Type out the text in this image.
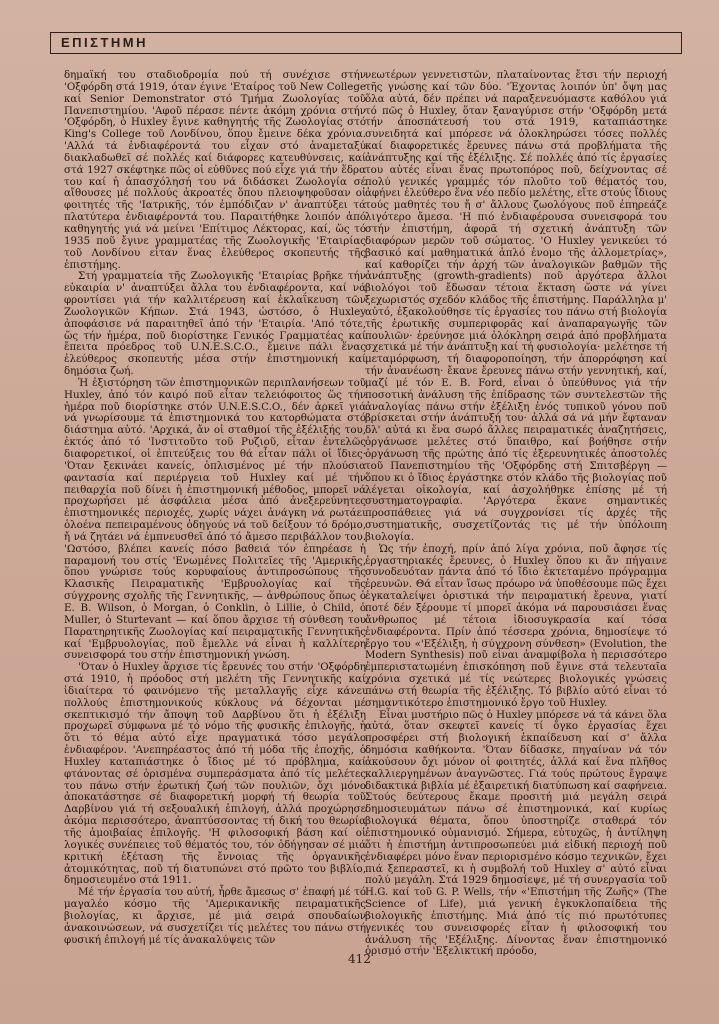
ΕΠΙΣΤΗΜΗ

δημαϊκή του σταδιοδρομία πού τή συνέχισε στήν 'Οξφόρδη στά 1919, όταν έγινε 'Εταίρος τοῦ New College καί Senior Demonstrator στό Τμήμα Ζωολογίας τοῦ Πανεπιστημίου. 'Αφοῦ πέρασε πέντε ἀκόμη χρόνια στήν 'Οξφόρδη, ὁ Huxley ἔγινε καθηγητής τῆς Ζωολογίας στό King's College τοῦ Λονδίνου, ὅπου ἔμεινε δέκα χρόνια. 'Αλλά τά ἐνδιαφέροντά του εἶχαν στό ἀναμεταξύ διακλαδωθεῖ σέ πολλές καί διάφορες κατευθύνσεις, καί στά 1927 σκέφτηκε πῶς οἱ εὐθῦνες πού εἶχε γιά τήν ἕδρα του καί ἡ ἀπασχόλησή του νά διδάσκει Ζωολογία σέ αἴθουσες μέ πολλούς ἀκροατές ὅπου πλειοψηφοῦσαν οἱ φοιτητές τῆς 'Ιατρικῆς, τόν ἐμπόδιζαν ν' ἀναπτύξει τά πλατύτερα ἐνδιαφέροντά του. Παραιτήθηκε λοιπόν ἀπό καθηγητής γιά νά μείνει 'Επίτιμος Λέκτορας, καί, ὥς τό 1935 ποῦ ἔγινε γραμματέας τῆς Ζωολογικῆς 'Εταιρίας τοῦ Λονδίνου εἶταν ἕνας ἐλεύθερος σκοπευτής τῆς ἐπιστήμης.

Στή γραμματεία τῆς Ζωολογικῆς 'Εταιρίας βρῆκε τήν εὐκαιρία ν' ἀναπτύξει ἄλλα του ἐνδιαφέροντα, καί νά φροντίσει γιά τήν καλλιτέρευση καί ἐκλαΐκευση τῶν Ζωολογικῶν Κήπων. Στά 1943, ὡστόσο, ὁ Huxley ἀποφάσισε νά παραιτηθεῖ ἀπό τήν 'Εταιρία. 'Από τότε, ὥς τήν ἡμέρα, ποῦ διορίστηκε Γενικός Γραμματέας καί ἔπειτα πρόεδρος τοῦ U.N.E.S.C.O., ἔμεινε πάλι ἕνας ἐλεύθερος σκοπευτής μέσα στήν ἐπιστημονική καί δημόσια ζωή.

Ἡ ἐξιστόρηση τῶν ἐπιστημονικῶν περιπλανήσεων τοῦ Huxley, ἀπό τόν καιρό ποῦ εἶταν τελειόφοιτος ὥς τήν ἡμέρα ποῦ διορίστηκε στόν U.N.E.S.C.O., δέν ἀρκεῖ γιά νά γνωρίσουμε τά ἐπιστημονικά του κατορθώματα στό διάστημα αὐτό. 'Αρχικά, ἄν οἱ σταθμοί τῆς ἐξέλιξής του, ἐκτός ἀπό τό 'Ινστιτοῦτο τοῦ Ρυζιοῦ, εἶταν ἐντελῶς διαφορετικοί, οἱ ἐπιτεύξεις του θά εἶταν πάλι οἱ ἴδιες· 'Όταν ξεκινάει κανείς, ὁπλισμένος μέ τήν πλούσια φαντασία καί περιέργεια τοῦ Huxley καί μέ τήν πειθαρχία ποῦ δίνει ἡ ἐπιστημονική μέθοδος, μπορεῖ νά προχωρήσει μέ ἀσφάλεια μέσα ἀπό ἀνεξερεύνητες ἐπιστημονικές περιοχές, χωρίς νάχει ἀνάγκη νά ρωτάει ὁλοένα πεπειραμένους ὁδηγούς νά τοῦ δείξουν τό δρόμο, ἤ νά ζητάει νά ἐμπνευσθεῖ ἀπό τό ἄμεσο περιβάλλον του. 'Ωστόσο, βλέπει κανείς πόσο βαθειά τόν ἐπηρέασε ἡ παραμονή του στίς 'Ενωμένες Πολιτεῖες τῆς 'Αμερικῆς, ὅπου γνώρισε τούς κορυφαίους ἀντιπροσώπους τῆς Κλασικῆς Πειραματικῆς 'Εμβρυολογίας καί τῆς σύγχρονης σχολῆς τῆς Γεννητικῆς, — ἀνθρώπους ὅπως ὁ E. B. Wilson, ὁ Morgan, ὁ Conklin, ὁ Lillie, ὁ Child, ὁ Muller, ὁ Sturtevant — καί ὅπου ἄρχισε τή σύνθεση του Παρατηρητικῆς Ζωολογίας καί πειραματικῆς Γεννητικῆς καί 'Εμβρυολογίας, ποῦ ἔμελλε νά εἶναι ἡ καλλίτερη συνεισφορά του στήν ἐπιστημονική γνώση.

'Όταν ὁ Huxley ἄρχισε τίς ἔρευνές του στήν 'Οξφόρδη στά 1910, ἡ πρόοδος στή μελέτη τῆς Γεννητικῆς καί ἰδιαίτερα τό φαινόμενο τῆς μεταλλαγῆς εἶχε κάνει πολλούς ἐπιστημονικούς κύκλους νά δέχονται μέ σκεπτικισμό τήν ἄποψη τοῦ Δαρβίνου ὅτι ἡ ἐξέλιξη προχωρεῖ σύμφωνα μέ τό νόμο τῆς φυσικῆς ἐπιλογῆς, ἡ ὅτι τό θέμα αὐτό εἶχε πραγματικά τόσο μεγάλο ἐνδιαφέρον. 'Ανεπηρέαστος ἀπό τή μόδα τῆς ἐποχῆς, ὁ Huxley καταπιάστηκε ὁ ἴδιος μέ τό πρόβλημα, καί φτάνοντας σέ ὁρισμένα συμπεράσματα ἀπό τίς μελέτες του πάνω στήν ἐρωτική ζωή τῶν πουλιῶν, ὄχι μόνο ἀποκατάστησε σέ διαφορετική μορφή τή θεωρία τοῦ Δαρβίνου γιά τή σεξουαλική ἐπιλογή, ἀλλά προχώρησε ἀκόμα περισσότερο, ἀναπτύσσοντας τή δική του θεωρία τῆς ἀμοιβαίας ἐπιλογῆς. 'Η φιλοσοφική βάση καί οἱ λογικές συνέπειες τοῦ θέματός του, τόν ὁδήγησαν σέ μιά κριτική ἐξέταση τῆς ἔννοιας τῆς ὀργανικῆς ἀτομικότητας, ποῦ τή διατυπώνει στό πρῶτο του βιβλίο, δημοσιευμένο στά 1911.

Μέ τήν ἐργασία του αὐτή, ἦρθε ἄμεσως σ' ἐπαφή μέ τό μαγαλέο κόσμο τῆς 'Αμερικανικῆς πειραματικῆς βιολογίας, κι ἄρχισε, μέ μιά σειρά σπουδαίων ἀνακοινώσεων, νά συσχετίζει τίς μελέτες του πάνω στή φυσική ἐπιλογή μέ τίς ἀνακαλύψεις τῶν

νεωτέρων γεννετιστῶν, πλαταίνοντας ἔτσι τήν περιοχή τῆς γνώσης καί τῶν δύο. 'Έχοντας λοιπόν ὑπ' ὄψη μας ὅλα αὐτά, δέν πρέπει νά παραξενευόμαστε καθόλου γιά τό πῶς ὁ Huxley, ὅταν ξαναγύρισε στήν 'Οξφόρδη μετά τήν ἀποσπάτευσή του στά 1919, καταπιάστηκε συνειδητά καί μπόρεσε νά ὁλοκληρώσει τόσες πολλές καί διαφορετικές ἔρευνες πάνω στά προβλήματα τῆς ἀνάπτυξης καί τῆς ἐξέλιξης. Σέ πολλές ἀπό τίς ἐργασίες του αὐτές εἶναι ἕνας πρωτοπόρος ποῦ, δείχνοντας σέ πολύ γενικές γραμμές τόν πλοῦτο τοῦ θέματός του, ἀφήνει ἐλεύθερο ἕνα νέο πεδίο μελέτης, εἴτε στούς ἴδιους τούς μαθητές του ἤ σ' ἄλλους ζωολόγους ποῦ ἐπηρεάζε λιγότερο ἄμεσα. 'Η πιό ἐνδιαφέρουσα συνεισφορά του στήν ἐπιστήμη, ἀφορᾶ τή σχετική ἀνάπτυξη τῶν διαφόρων μερῶν τοῦ σώματος. 'Ο Huxley γενικεύει τό βασικό καί μαθηματικά ἁπλό ἐνομο τῆς ἀλλομετρίας», καί καθορίζει τήν ἀρχή τῶν ἀναλογικῶν βαθμῶν τῆς ἀνάπτυξης (growth-gradients) ποῦ ἀργότερα ἄλλοι βιολόγοι τοῦ ἔδωσαν τέτοια ἔκταση ὥστε νά γίνει ξεχωριστός σχεδόν κλάδος τῆς ἐπιστήμης. Παράλληλα μ' αὐτό, ἐξακολούθησε τίς ἐργασίες του πάνω στή βιολογία τῆς ἐρωτικῆς συμπεριφορᾶς καί ἀναπαραγωγῆς τῶν πουλιῶν· ἐρεύνησε μιά ὁλόκληρη σειρά ἀπό προβλήματα σχετικά μέ τήν ἀνάπτυξη καί τή φυσιολογία· μελέτησε τή μεταμόρφωση, τή διαφοροποίηση, τήν ἀπορρόφηση καί τήν ἀνανέωση· ἔκανε ἔρευνες πάνω στήν γεννητική, καί, μαζί μέ τόν E. B. Ford, εἶναι ὁ ὑπεύθυνος γιά τήν ποσοτική ἀνάλυση τῆς ἐπίδρασης τῶν συντελεστῶν τῆς ἀναλογίας πάνω στήν ἐξέλιξη ἑνός τυπικοῦ γόνου ποῦ βρίσκεται στήν ἀνάπτυξή του· ἀλλά σά νά μήν ἔφταναν δλ' αὐτά κι ἕνα σωρό ἄλλες πειραματικές ἀναζητήσεις, ὀργάνωσε μελέτες στό ὕπαιθρο, καί βοήθησε στήν ὀργάνωση τῆς πρώτης ἀπό τίς ἐξερευνητικές ἀποστολές τοῦ Πανεπιστημίου τῆς 'Οξφόρδης στή Σπιτσβέργη — ὅπου κι ὁ ἴδιος ἐργάστηκε στόν κλάδο τῆς βιολογίας ποῦ λέγεται οἰκολογία, καί ἀσχολήθηκε ἐπίσης μέ τή συστηματογραφία. 'Αργότερα ἔκανε σημαντικές προσπάθειες γιά νά συγχρονίσει τίς ἀρχές τῆς συστηματικῆς, συσχετίζοντάς τις μέ τήν ὑπόλοιπη βιολογία.

Ὡς τήν ἐποχή, πρίν ἀπό λίγα χρόνια, ποῦ ἄφησε τίς ἐργαστηριακές ἔρευνες, ὁ Huxley ὅπου κι ἄν πήγαινε συνοδευόταν πάντα ἀπό τό ἴδιο ἐκτεταμένο πρόγραμμα ἐρευνῶν. Θά εἶταν ἴσως πρόωρο νά ὑποθέσουμε πῶς ἔχει ἐγκαταλείψει ὁριστικά τήν πειραματική ἔρευνα, γιατί ποτέ δέν ξέρουμε τί μπορεῖ ἀκόμα νά παρουσιάσει ἕνας ἄνθρωπος μέ τέτοια ἰδιοσυγκρασία καί τόσα ἐνδιαφέροντα. Πρίν ἀπό τέσσερα χρόνια, δημοσίεψε τό ἔργο του «'Εξέλιξη, ἡ σύγχρονη σύνθεση» (Evolution, the Modern Synthesis) ποῦ εἶναι ἀναμφίβολα ἡ περισσότερο ἐμπεριστατωμένη ἐπισκόπηση ποῦ ἔγινε στά τελευταῖα χρόνια σχετικά μέ τίς νεώτερες βιολογικές γνώσεις πάνω στή θεωρία τῆς ἐξέλιξης. Τό βιβλίο αὐτό εἶναι τό σημαντικότερο ἐπιστημονικό ἔργο τοῦ Huxley.

Εἶναι μυστήριο πῶς ὁ Huxley μπόρεσε νά τά κάνει ὅλα αὐτά, ὅταν σκεφτεῖ κανείς τί ὄγκο ἐργασίας ἔχει προσφέρει στή βιολογική ἐκπαίδευση καί σ' ἄλλα δημόσια καθήκοντα. 'Όταν δίδασκε, πηγαίναν νά τόν ἀκούσουν ὄχι μόνον οἱ φοιτητές, ἀλλά καί ἕνα πλῆθος καλλιεργημένων ἀναγνῶστες. Γιά τούς πρώτους ἔγραψε διδακτικά βιβλία μέ ἐξαιρετική διατύπωση καί σαφήνεια. Στούς δεύτερους ἔκαμε προσιτή μιά μεγάλη σειρά δημοσιευμάτων πάνω σέ ἐπιστημονικά, καί κυρίως βιολογικά θέματα, ὅπου ὑποστηρίζε σταθερά τόν ἐπιστημονικό οὐμανισμό. Σήμερα, εὐτυχῶς, ἡ ἀντίληψη ὅτι ἡ ἐπιστήμη ἀντιπροσωπεύει μιά εἰδική περιοχή ποῦ ἐνδιαφέρει μόνο ἕναν περιορισμένο κόσμο τεχνικῶν, ἔχει πιά ξεπεραστεῖ, κι ἡ συμβολή τοῦ Huxley σ' αὐτό εἶναι πολύ μεγάλη. Στά 1929 δημοσίεψε, μέ τή συνεργασία τοῦ H.G. καί τοῦ G. P. Wells, τήν «'Επιστήμη τῆς Ζωῆς» (The Science of Life), μιά γενική ἐγκυκλοπαίδεια τῆς βιολογικῆς ἐπιστήμης. Μιά ἀπό τίς πιό πρωτότυπες γενικές του συνεισφορές εἶταν ἡ φιλοσοφική του ἀνάλυση τῆς 'Εξέλιξης. Δίνοντας ἕναν ἐπιστημονικό ὁρισμό στήν 'Εξελικτική πρόοδο,

412
